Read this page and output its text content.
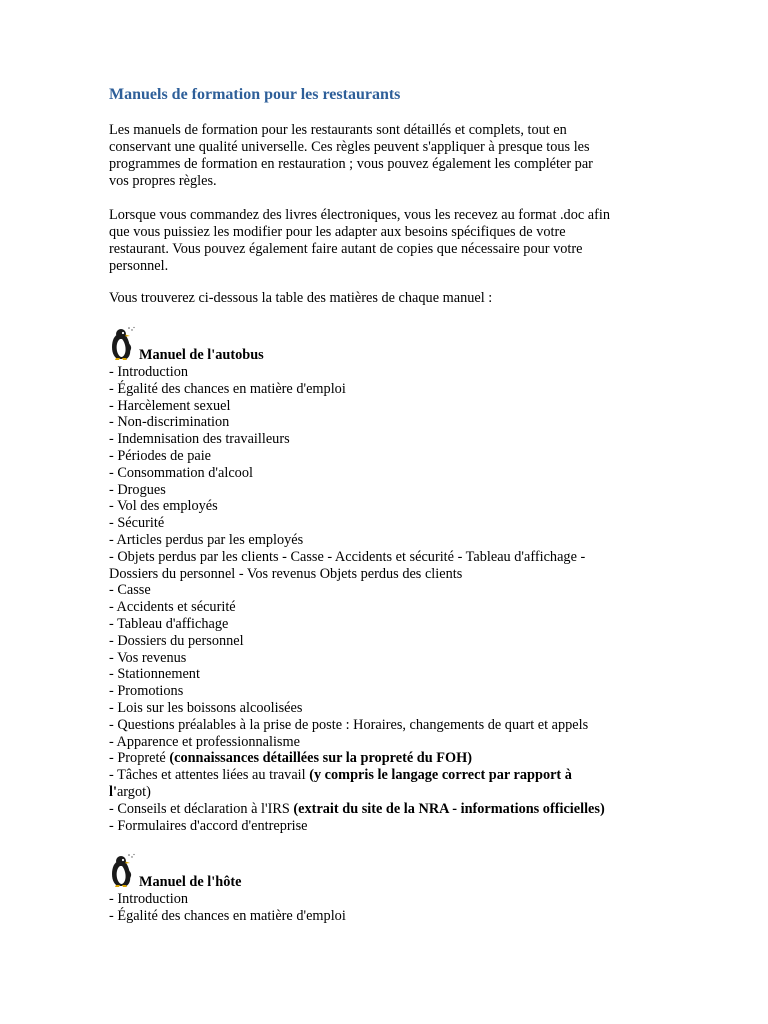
Manuels de formation pour les restaurants
Les manuels de formation pour les restaurants sont détaillés et complets, tout en
conservant une qualité universelle. Ces règles peuvent s'appliquer à presque tous les
programmes de formation en restauration ; vous pouvez également les compléter par
vos propres règles.
Lorsque vous commandez des livres électroniques, vous les recevez au format .doc afin
que vous puissiez les modifier pour les adapter aux besoins spécifiques de votre
restaurant. Vous pouvez également faire autant de copies que nécessaire pour votre
personnel.
Vous trouverez ci-dessous la table des matières de chaque manuel :
Manuel de l'autobus
- Introduction
- Égalité des chances en matière d'emploi
- Harcèlement sexuel
- Non-discrimination
- Indemnisation des travailleurs
- Périodes de paie
- Consommation d'alcool
- Drogues
- Vol des employés
- Sécurité
- Articles perdus par les employés
- Objets perdus par les clients - Casse - Accidents et sécurité - Tableau d'affichage -
Dossiers du personnel - Vos revenus Objets perdus des clients
- Casse
- Accidents et sécurité
- Tableau d'affichage
- Dossiers du personnel
- Vos revenus
- Stationnement
- Promotions
- Lois sur les boissons alcoolisées
- Questions préalables à la prise de poste : Horaires, changements de quart et appels
- Apparence et professionnalisme
- Propreté (connaissances détaillées sur la propreté du FOH)
- Tâches et attentes liées au travail (y compris le langage correct par rapport à
l'argot)
- Conseils et déclaration à l'IRS (extrait du site de la NRA - informations officielles)
- Formulaires d'accord d'entreprise
Manuel de l'hôte
- Introduction
- Égalité des chances en matière d'emploi
